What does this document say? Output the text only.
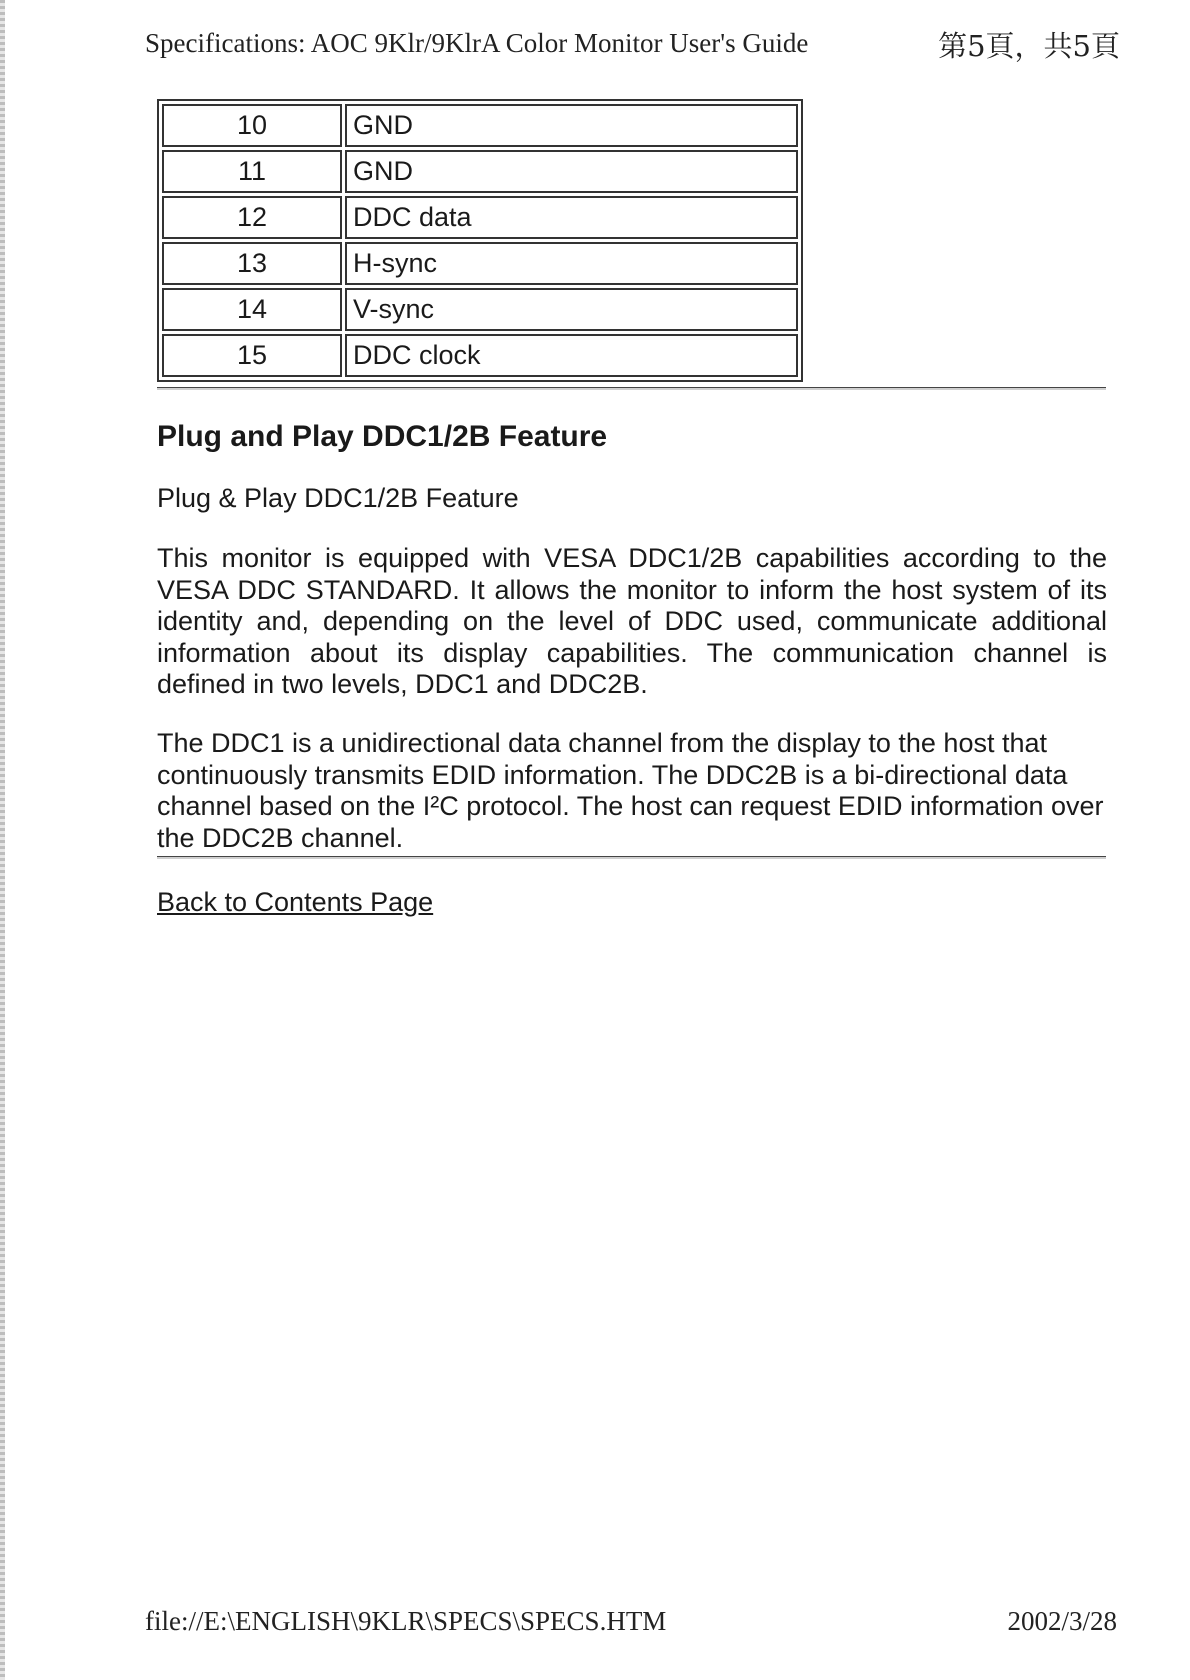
Specifications: AOC 9Klr/9KlrA Color Monitor User's Guide	第5頁，共5頁
10	GND
11	GND
12	DDC data
13	H-sync
14	V-sync
15	DDC clock
Plug and Play DDC1/2B Feature

Plug & Play DDC1/2B Feature

This monitor is equipped with VESA DDC1/2B capabilities according to the VESA DDC STANDARD. It allows the monitor to inform the host system of its identity and, depending on the level of DDC used, communicate additional information about its display capabilities. The communication channel is defined in two levels, DDC1 and DDC2B.

The DDC1 is a unidirectional data channel from the display to the host that continuously transmits EDID information. The DDC2B is a bi-directional data channel based on the I²C protocol. The host can request EDID information over the DDC2B channel.

Back to Contents Page
file://E:\ENGLISH\9KLR\SPECS\SPECS.HTM	2002/3/28
